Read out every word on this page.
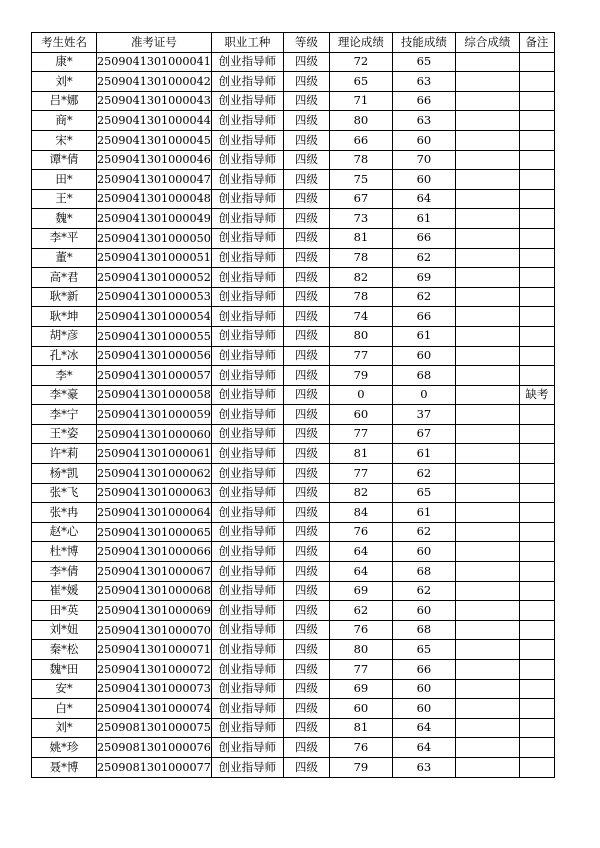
考生姓名	准考证号	职业工种	等级	理论成绩	技能成绩	综合成绩	备注
康*	2509041301000041	创业指导师	四级	72	65		
刘*	2509041301000042	创业指导师	四级	65	63		
吕*娜	2509041301000043	创业指导师	四级	71	66		
商*	2509041301000044	创业指导师	四级	80	63		
宋*	2509041301000045	创业指导师	四级	66	60		
谭*倩	2509041301000046	创业指导师	四级	78	70		
田*	2509041301000047	创业指导师	四级	75	60		
王*	2509041301000048	创业指导师	四级	67	64		
魏*	2509041301000049	创业指导师	四级	73	61		
李*平	2509041301000050	创业指导师	四级	81	66		
董*	2509041301000051	创业指导师	四级	78	62		
高*君	2509041301000052	创业指导师	四级	82	69		
耿*新	2509041301000053	创业指导师	四级	78	62		
耿*坤	2509041301000054	创业指导师	四级	74	66		
胡*彦	2509041301000055	创业指导师	四级	80	61		
孔*冰	2509041301000056	创业指导师	四级	77	60		
李*	2509041301000057	创业指导师	四级	79	68		
李*豪	2509041301000058	创业指导师	四级	0	0		缺考
李*宁	2509041301000059	创业指导师	四级	60	37		
王*姿	2509041301000060	创业指导师	四级	77	67		
许*莉	2509041301000061	创业指导师	四级	81	61		
杨*凯	2509041301000062	创业指导师	四级	77	62		
张*飞	2509041301000063	创业指导师	四级	82	65		
张*冉	2509041301000064	创业指导师	四级	84	61		
赵*心	2509041301000065	创业指导师	四级	76	62		
杜*博	2509041301000066	创业指导师	四级	64	60		
李*倩	2509041301000067	创业指导师	四级	64	68		
崔*媛	2509041301000068	创业指导师	四级	69	62		
田*英	2509041301000069	创业指导师	四级	62	60		
刘*妞	2509041301000070	创业指导师	四级	76	68		
秦*松	2509041301000071	创业指导师	四级	80	65		
魏*田	2509041301000072	创业指导师	四级	77	66		
安*	2509041301000073	创业指导师	四级	69	60		
白*	2509041301000074	创业指导师	四级	60	60		
刘*	2509081301000075	创业指导师	四级	81	64		
姚*珍	2509081301000076	创业指导师	四级	76	64		
聂*博	2509081301000077	创业指导师	四级	79	63		
